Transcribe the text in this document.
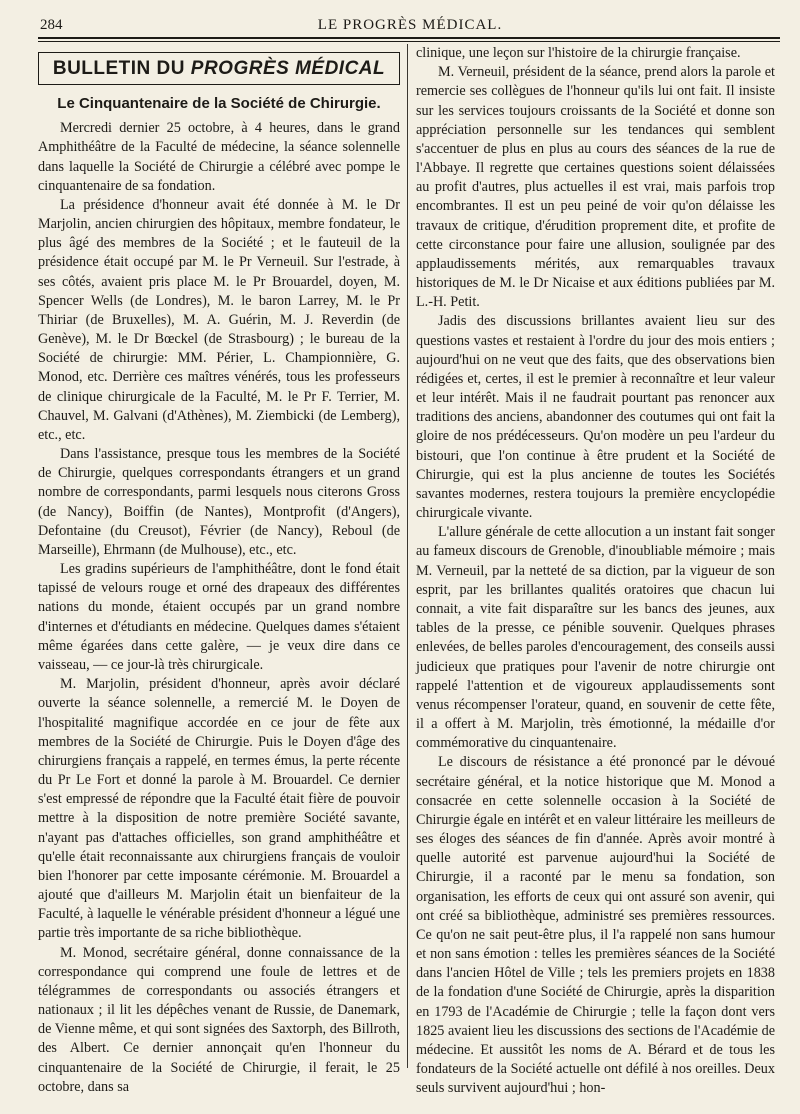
284	LE PROGRÈS MÉDICAL.
BULLETIN DU PROGRÈS MÉDICAL
Le Cinquantenaire de la Société de Chirurgie.

Mercredi dernier 25 octobre, à 4 heures, dans le grand Amphithéâtre de la Faculté de médecine, la séance solennelle dans laquelle la Société de Chirurgie a célébré avec pompe le cinquantenaire de sa fondation.

La présidence d'honneur avait été donnée à M. le Dr Marjolin, ancien chirurgien des hôpitaux, membre fondateur, le plus âgé des membres de la Société ; et le fauteuil de la présidence était occupé par M. le Pr Verneuil. Sur l'estrade, à ses côtés, avaient pris place M. le Pr Brouardel, doyen, M. Spencer Wells (de Londres), M. le baron Larrey, M. le Pr Thiriar (de Bruxelles), M. A. Guérin, M. J. Reverdin (de Genève), M. le Dr Bœckel (de Strasbourg) ; le bureau de la Société de chirurgie: MM. Périer, L. Championnière, G. Monod, etc. Derrière ces maîtres vénérés, tous les professeurs de clinique chirurgicale de la Faculté, M. le Pr F. Terrier, M. Chauvel, M. Galvani (d'Athènes), M. Ziembicki (de Lemberg), etc., etc.

Dans l'assistance, presque tous les membres de la Société de Chirurgie, quelques correspondants étrangers et un grand nombre de correspondants, parmi lesquels nous citerons Gross (de Nancy), Boiffin (de Nantes), Montprofit (d'Angers), Defontaine (du Creusot), Février (de Nancy), Reboul (de Marseille), Ehrmann (de Mulhouse), etc., etc.

Les gradins supérieurs de l'amphithéâtre, dont le fond était tapissé de velours rouge et orné des drapeaux des différentes nations du monde, étaient occupés par un grand nombre d'internes et d'étudiants en médecine. Quelques dames s'étaient même égarées dans cette galère, — je veux dire dans ce vaisseau, — ce jour-là très chirurgicale.

M. Marjolin, président d'honneur, après avoir déclaré ouverte la séance solennelle, a remercié M. le Doyen de l'hospitalité magnifique accordée en ce jour de fête aux membres de la Société de Chirurgie. Puis le Doyen d'âge des chirurgiens français a rappelé, en termes émus, la perte récente du Pr Le Fort et donné la parole à M. Brouardel. Ce dernier s'est empressé de répondre que la Faculté était fière de pouvoir mettre à la disposition de notre première Société savante, n'ayant pas d'attaches officielles, son grand amphithéâtre et qu'elle était reconnaissante aux chirurgiens français de vouloir bien l'honorer par cette imposante cérémonie. M. Brouardel a ajouté que d'ailleurs M. Marjolin était un bienfaiteur de la Faculté, à laquelle le vénérable président d'honneur a légué une partie très importante de sa riche bibliothèque.

M. Monod, secrétaire général, donne connaissance de la correspondance qui comprend une foule de lettres et de télégrammes de correspondants ou associés étrangers et nationaux ; il lit les dépêches venant de Russie, de Danemark, de Vienne même, et qui sont signées des Saxtorph, des Billroth, des Albert. Ce dernier annonçait qu'en l'honneur du cinquantenaire de la Société de Chirurgie, il ferait, le 25 octobre, dans sa

clinique, une leçon sur l'histoire de la chirurgie française.

M. Verneuil, président de la séance, prend alors la parole et remercie ses collègues de l'honneur qu'ils lui ont fait. Il insiste sur les services toujours croissants de la Société et donne son appréciation personnelle sur les tendances qui semblent s'accentuer de plus en plus au cours des séances de la rue de l'Abbaye. Il regrette que certaines questions soient délaissées au profit d'autres, plus actuelles il est vrai, mais parfois trop encombrantes. Il est un peu peiné de voir qu'on délaisse les travaux de critique, d'érudition proprement dite, et profite de cette circonstance pour faire une allusion, soulignée par des applaudissements mérités, aux remarquables travaux historiques de M. le Dr Nicaise et aux éditions publiées par M. L.-H. Petit.

Jadis des discussions brillantes avaient lieu sur des questions vastes et restaient à l'ordre du jour des mois entiers ; aujourd'hui on ne veut que des faits, que des observations bien rédigées et, certes, il est le premier à reconnaître et leur valeur et leur intérêt. Mais il ne faudrait pourtant pas renoncer aux traditions des anciens, abandonner des coutumes qui ont fait la gloire de nos prédécesseurs. Qu'on modère un peu l'ardeur du bistouri, que l'on continue à être prudent et la Société de Chirurgie, qui est la plus ancienne de toutes les Sociétés savantes modernes, restera toujours la première encyclopédie chirurgicale vivante.

L'allure générale de cette allocution a un instant fait songer au fameux discours de Grenoble, d'inoubliable mémoire ; mais M. Verneuil, par la netteté de sa diction, par la vigueur de son esprit, par les brillantes qualités oratoires que chacun lui connait, a vite fait disparaître sur les bancs des jeunes, aux tables de la presse, ce pénible souvenir. Quelques phrases enlevées, de belles paroles d'encouragement, des conseils aussi judicieux que pratiques pour l'avenir de notre chirurgie ont rappelé l'attention et de vigoureux applaudissements sont venus récompenser l'orateur, quand, en souvenir de cette fête, il a offert à M. Marjolin, très émotionné, la médaille d'or commémorative du cinquantenaire.

Le discours de résistance a été prononcé par le dévoué secrétaire général, et la notice historique que M. Monod a consacrée en cette solennelle occasion à la Société de Chirurgie égale en intérêt et en valeur littéraire les meilleurs de ses éloges des séances de fin d'année. Après avoir montré à quelle autorité est parvenue aujourd'hui la Société de Chirurgie, il a raconté par le menu sa fondation, son organisation, les efforts de ceux qui ont assuré son avenir, qui ont créé sa bibliothèque, administré ses premières ressources. Ce qu'on ne sait peut-être plus, il l'a rappelé non sans humour et non sans émotion : telles les premières séances de la Société dans l'ancien Hôtel de Ville ; tels les premiers projets en 1838 de la fondation d'une Société de Chirurgie, après la disparition en 1793 de l'Académie de Chirurgie ; telle la façon dont vers 1825 avaient lieu les discussions des sections de l'Académie de médecine. Et aussitôt les noms de A. Bérard et de tous les fondateurs de la Société actuelle ont défilé à nos oreilles. Deux seuls survivent aujourd'hui ; hon-
